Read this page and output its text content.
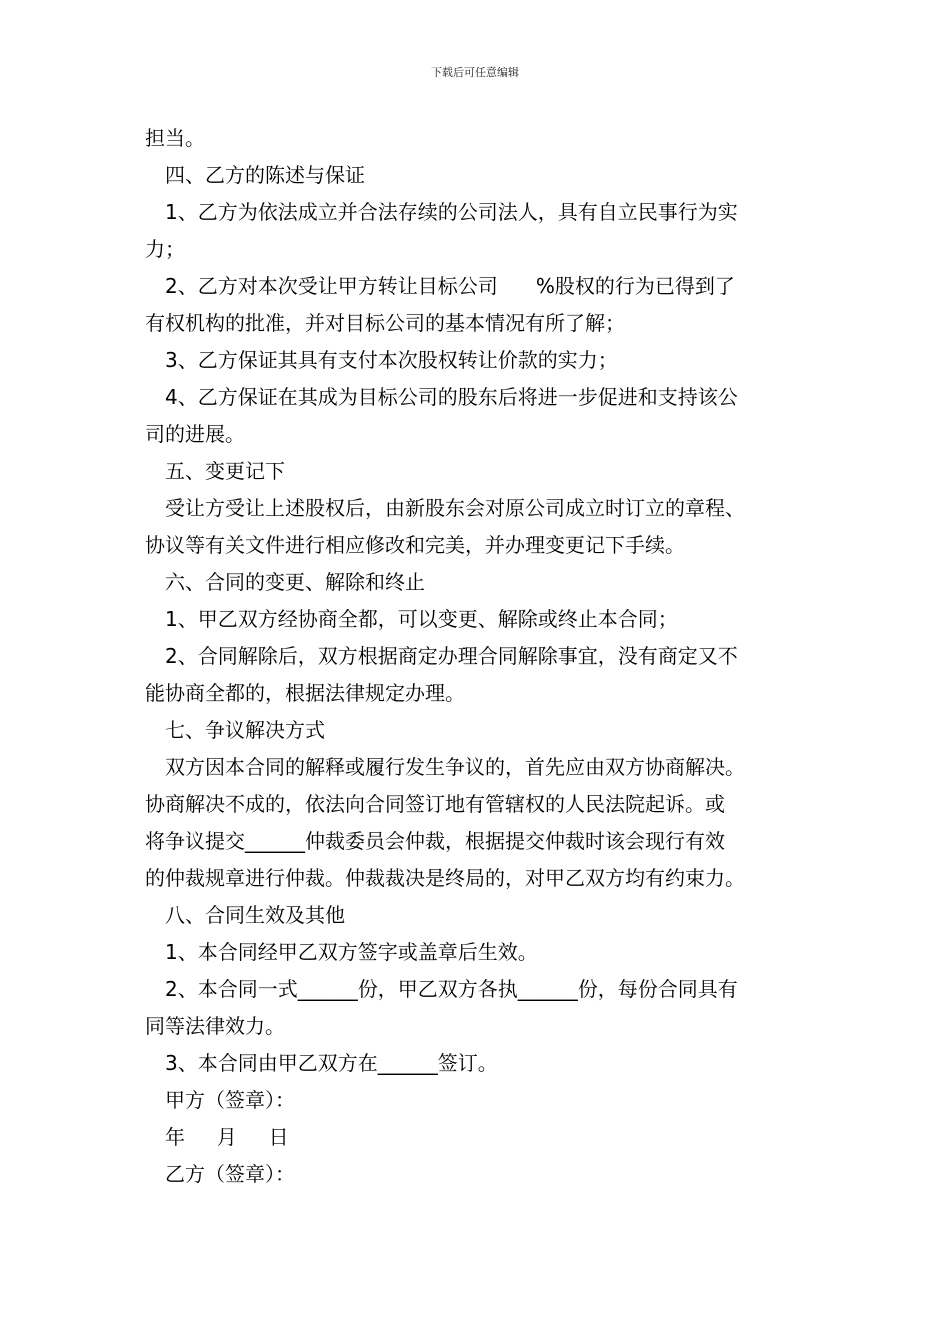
下载后可任意编辑
担当。
四、乙方的陈述与保证
1、乙方为依法成立并合法存续的公司法人，具有自立民事行为实
力；
2、乙方对本次受让甲方转让目标公司      %股权的行为已得到了
有权机构的批准，并对目标公司的基本情况有所了解；
3、乙方保证其具有支付本次股权转让价款的实力；
4、乙方保证在其成为目标公司的股东后将进一步促进和支持该公
司的进展。
五、变更记下
受让方受让上述股权后，由新股东会对原公司成立时订立的章程、
协议等有关文件进行相应修改和完美，并办理变更记下手续。
六、合同的变更、解除和终止
1、甲乙双方经协商全都，可以变更、解除或终止本合同；
2、合同解除后，双方根据商定办理合同解除事宜，没有商定又不
能协商全都的，根据法律规定办理。
七、争议解决方式
双方因本合同的解释或履行发生争议的，首先应由双方协商解决。
协商解决不成的，依法向合同签订地有管辖权的人民法院起诉。或
将争议提交______仲裁委员会仲裁，根据提交仲裁时该会现行有效
的仲裁规章进行仲裁。仲裁裁决是终局的，对甲乙双方均有约束力。
八、合同生效及其他
1、本合同经甲乙双方签字或盖章后生效。
2、本合同一式______份，甲乙双方各执______份，每份合同具有
同等法律效力。
3、本合同由甲乙双方在______签订。
甲方（签章）：
年     月     日
乙方（签章）：
